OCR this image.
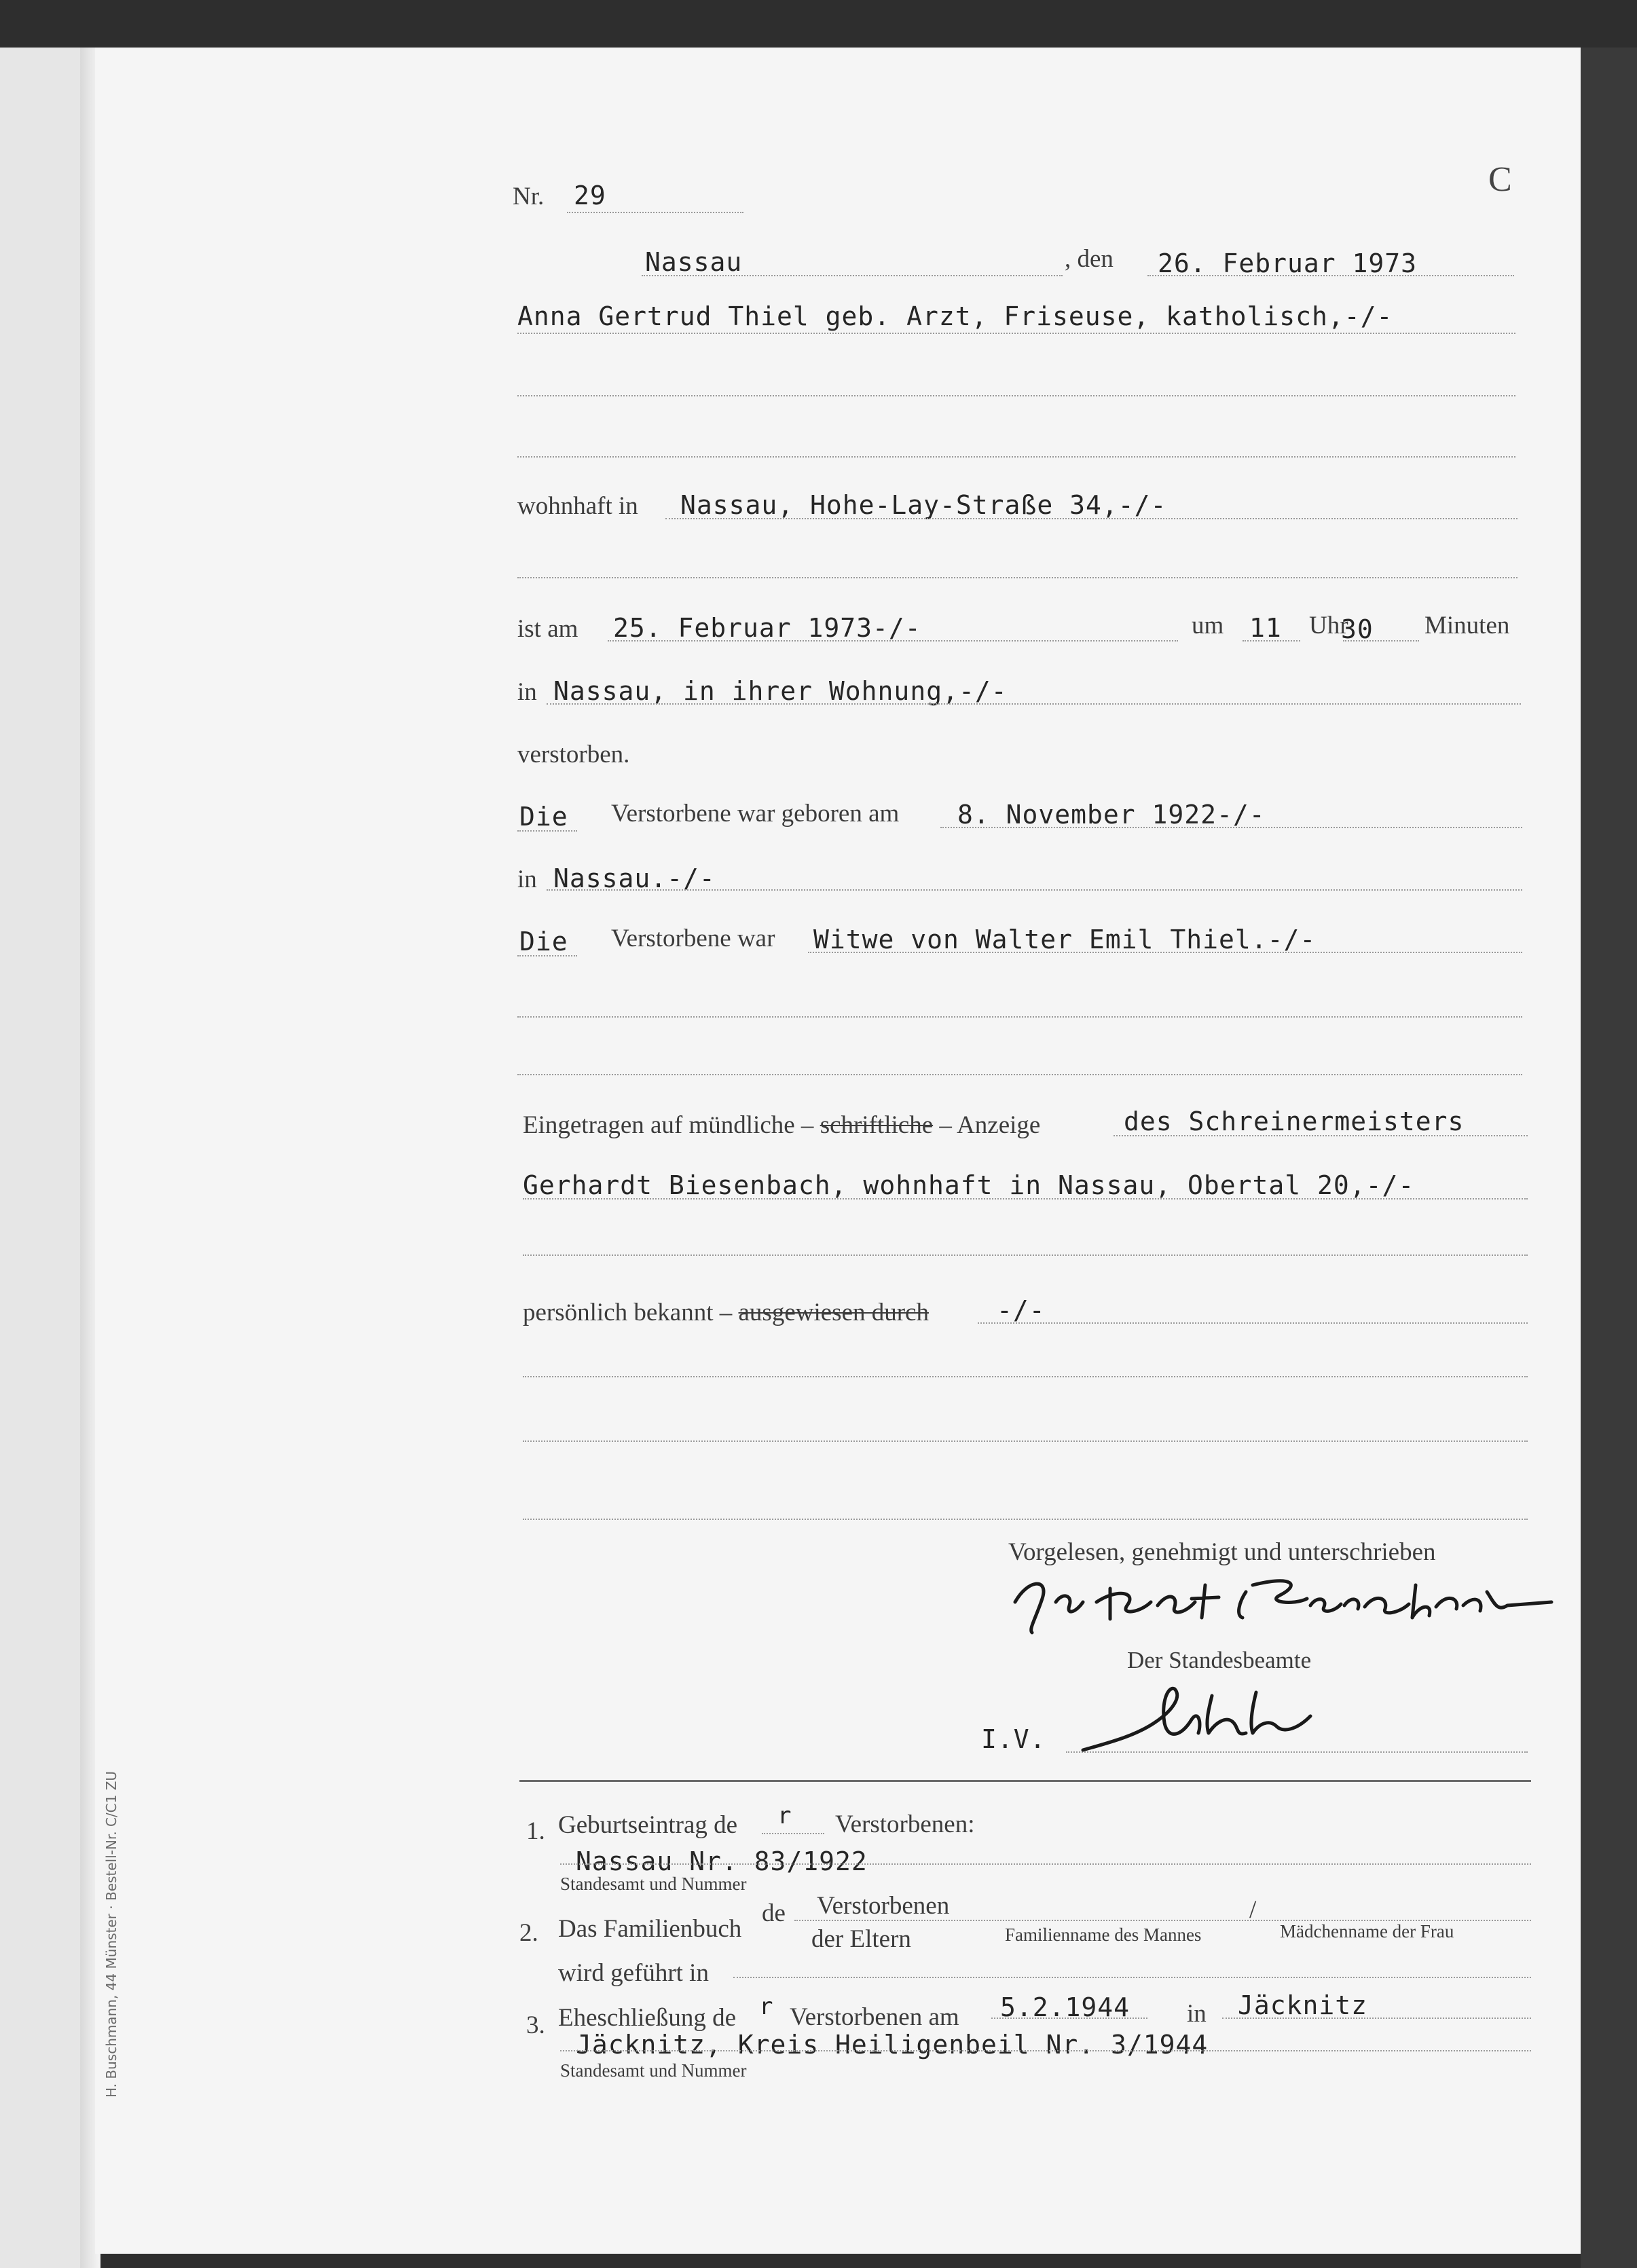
H. Buschmann, 44 Münster · Bestell-Nr. C/C1 ZU
Nr. 29	C
Nassau	, den 26. Februar 1973
Anna Gertrud Thiel geb. Arzt, Friseuse, katholisch,-/-
wohnhaft in Nassau, Hohe-Lay-Straße 34,-/-
ist am 25. Februar 1973-/-	um 11 Uhr
30 Minuten
in Nassau, in ihrer Wohnung,-/-
verstorben.
Die Verstorbene war geboren am 8. November 1922-/-
in Nassau.-/-
Die Verstorbene war Witwe von Walter Emil Thiel.-/-
Eingetragen auf mündliche – schriftliche – Anzeige	des Schreinermeisters
Gerhardt Biesenbach, wohnhaft in Nassau, Obertal 20,-/-
persönlich bekannt – ausgewiesen durch	-/-
Vorgelesen, genehmigt und unterschrieben
Der Standesbeamte
I.V.
1. Geburtseintrag de r Verstorbenen:
Nassau Nr. 83/1922
Standesamt und Nummer
2. Das Familienbuch
de Verstorbenen
der Eltern
/
Familienname des Mannes	Mädchenname der Frau
wird geführt in
3. Eheschließung de r Verstorbenen am 5.2.1944 in Jäcknitz
Jäcknitz, Kreis Heiligenbeil Nr. 3/1944
Standesamt und Nummer
